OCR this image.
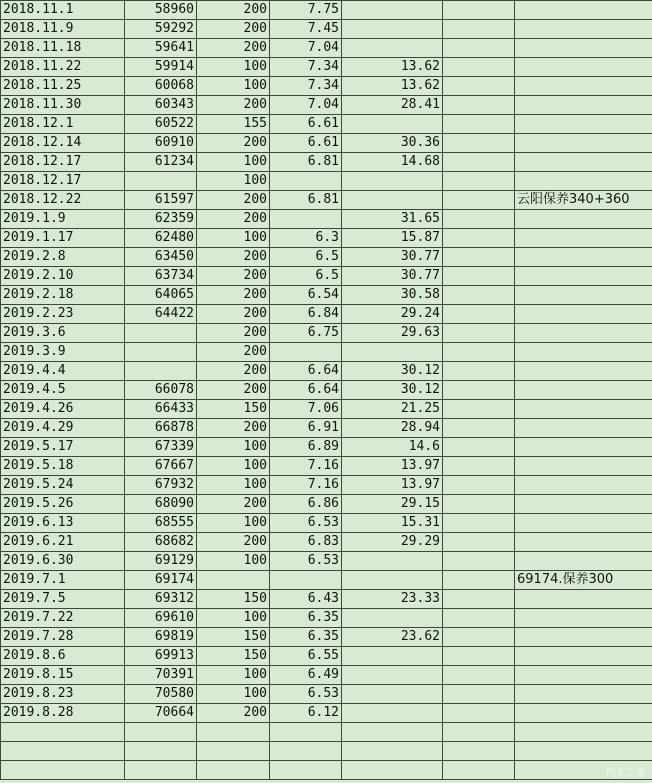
2018.11.1	58960	200	7.75			
2018.11.9	59292	200	7.45			
2018.11.18	59641	200	7.04			
2018.11.22	59914	100	7.34	13.62		
2018.11.25	60068	100	7.34	13.62		
2018.11.30	60343	200	7.04	28.41		
2018.12.1	60522	155	6.61			
2018.12.14	60910	200	6.61	30.36		
2018.12.17	61234	100	6.81	14.68		
2018.12.17		100				
2018.12.22	61597	200	6.81			云阳保养340+360
2019.1.9	62359	200		31.65		
2019.1.17	62480	100	6.3	15.87		
2019.2.8	63450	200	6.5	30.77		
2019.2.10	63734	200	6.5	30.77		
2019.2.18	64065	200	6.54	30.58		
2019.2.23	64422	200	6.84	29.24		
2019.3.6		200	6.75	29.63		
2019.3.9		200				
2019.4.4		200	6.64	30.12		
2019.4.5	66078	200	6.64	30.12		
2019.4.26	66433	150	7.06	21.25		
2019.4.29	66878	200	6.91	28.94		
2019.5.17	67339	100	6.89	14.6		
2019.5.18	67667	100	7.16	13.97		
2019.5.24	67932	100	7.16	13.97		
2019.5.26	68090	200	6.86	29.15		
2019.6.13	68555	100	6.53	15.31		
2019.6.21	68682	200	6.83	29.29		
2019.6.30	69129	100	6.53			
2019.7.1	69174					69174.保养300
2019.7.5	69312	150	6.43	23.33		
2019.7.22	69610	100	6.35			
2019.7.28	69819	150	6.35	23.62		
2019.8.6	69913	150	6.55			
2019.8.15	70391	100	6.49			
2019.8.23	70580	100	6.53			
2019.8.28	70664	200	6.12			

汽车之家
